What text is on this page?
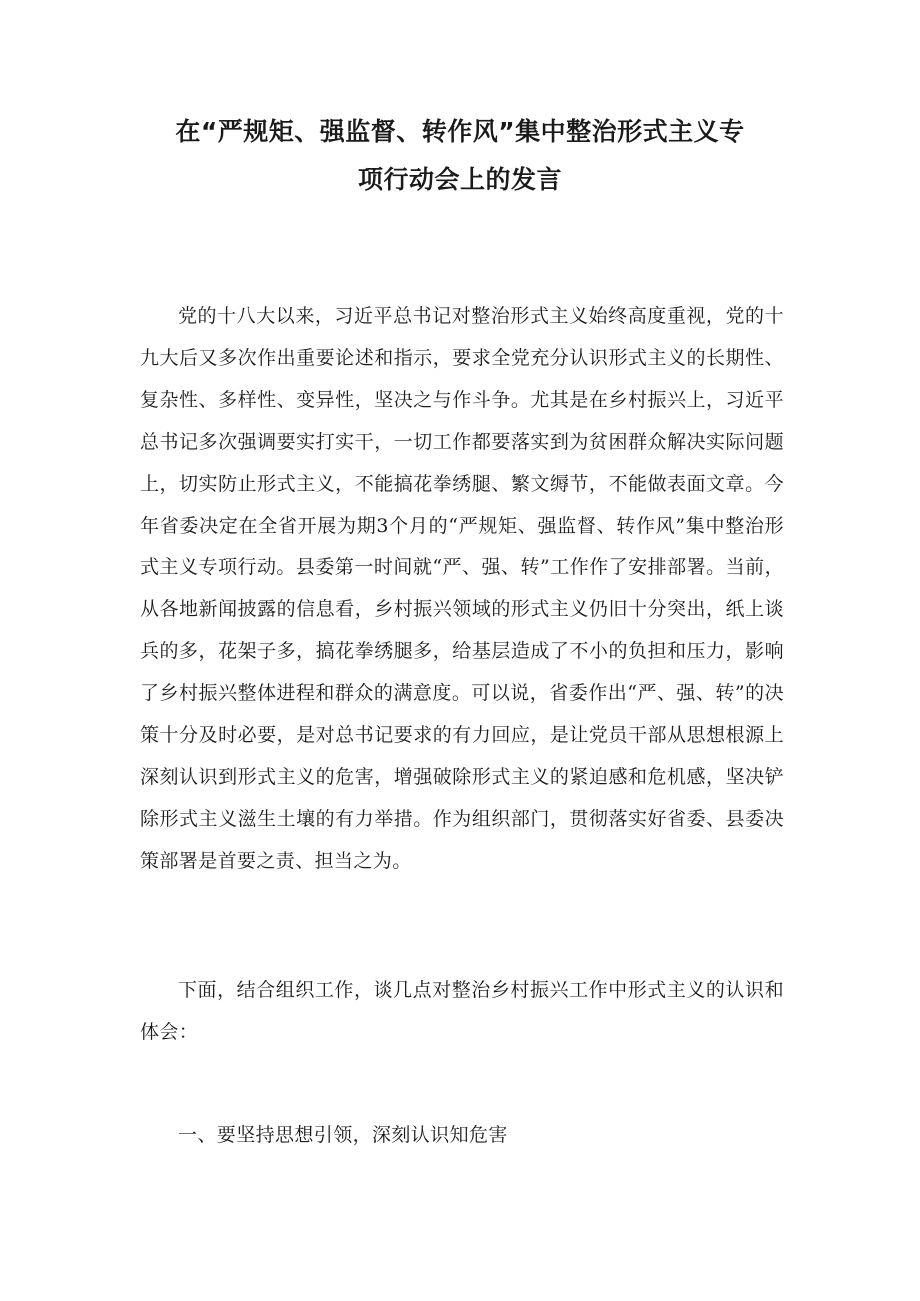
在“严规矩、强监督、转作风”集中整治形式主义专
项行动会上的发言

党的十八大以来，习近平总书记对整治形式主义始终高度重视，党的十九大后又多次作出重要论述和指示，要求全党充分认识形式主义的长期性、复杂性、多样性、变异性，坚决之与作斗争。尤其是在乡村振兴上，习近平总书记多次强调要实打实干，一切工作都要落实到为贫困群众解决实际问题上，切实防止形式主义，不能搞花拳绣腿、繁文缛节，不能做表面文章。今年省委决定在全省开展为期3个月的“严规矩、强监督、转作风”集中整治形式主义专项行动。县委第一时间就“严、强、转”工作作了安排部署。当前，从各地新闻披露的信息看，乡村振兴领域的形式主义仍旧十分突出，纸上谈兵的多，花架子多，搞花拳绣腿多，给基层造成了不小的负担和压力，影响了乡村振兴整体进程和群众的满意度。可以说，省委作出“严、强、转”的决策十分及时必要，是对总书记要求的有力回应，是让党员干部从思想根源上深刻认识到形式主义的危害，增强破除形式主义的紧迫感和危机感，坚决铲除形式主义滋生土壤的有力举措。作为组织部门，贯彻落实好省委、县委决策部署是首要之责、担当之为。

下面，结合组织工作，谈几点对整治乡村振兴工作中形式主义的认识和体会：

一、要坚持思想引领，深刻认识知危害
